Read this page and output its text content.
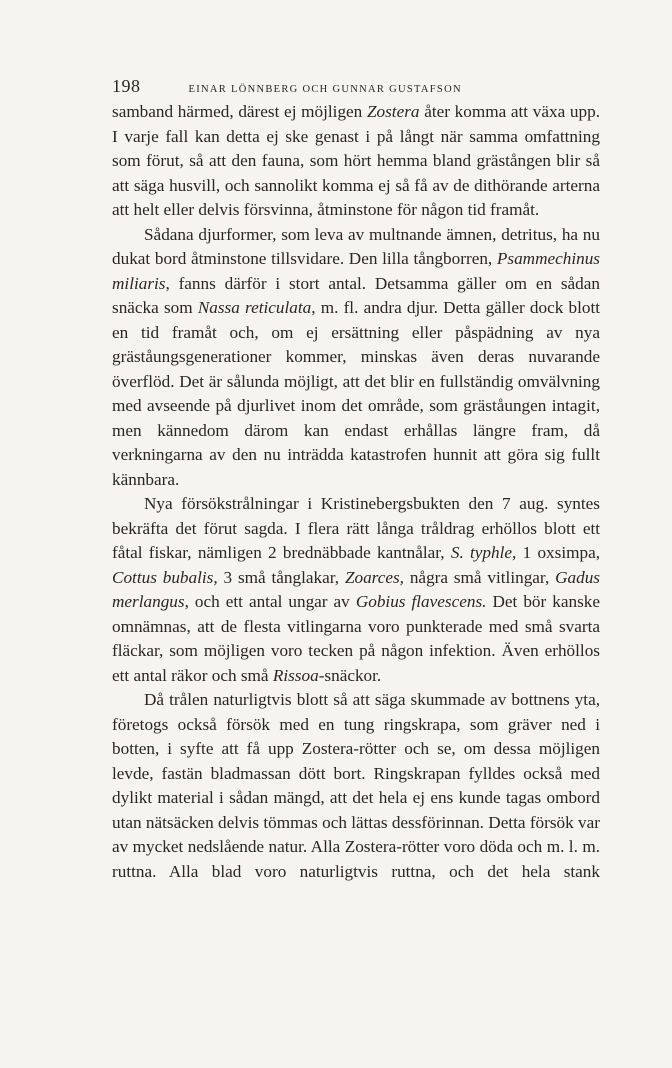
198	EINAR LÖNNBERG OCH GUNNAR GUSTAFSON

samband härmed, därest ej möjligen Zostera åter komma att växa upp. I varje fall kan detta ej ske genast i på långt när samma omfattning som förut, så att den fauna, som hört hemma bland grästången blir så att säga husvill, och sannolikt komma ej så få av de dithörande arterna att helt eller delvis försvinna, åtminstone för någon tid framåt.

Sådana djurformer, som leva av multnande ämnen, detritus, ha nu dukat bord åtminstone tillsvidare. Den lilla tångborren, Psammechinus miliaris, fanns därför i stort antal. Detsamma gäller om en sådan snäcka som Nassa reticulata, m. fl. andra djur. Detta gäller dock blott en tid framåt och, om ej ersättning eller påspädning av nya gräståungsgenerationer kommer, minskas även deras nuvarande överflöd. Det är sålunda möjligt, att det blir en fullständig omvälvning med avseende på djurlivet inom det område, som gräståungen intagit, men kännedom därom kan endast erhållas längre fram, då verkningarna av den nu inträdda katastrofen hunnit att göra sig fullt kännbara.

Nya försökstrålningar i Kristinebergsbukten den 7 aug. syntes bekräfta det förut sagda. I flera rätt långa tråldrag erhöllos blott ett fåtal fiskar, nämligen 2 brednäbbade kantnålar, S. typhle, 1 oxsimpa, Cottus bubalis, 3 små tånglakar, Zoarces, några små vitlingar, Gadus merlangus, och ett antal ungar av Gobius flavescens. Det bör kanske omnämnas, att de flesta vitlingarna voro punkterade med små svarta fläckar, som möjligen voro tecken på någon infektion. Även erhöllos ett antal räkor och små Rissoa-snäckor.

Då trålen naturligtvis blott så att säga skummade av bottnens yta, företogs också försök med en tung ringskrapa, som gräver ned i botten, i syfte att få upp Zostera-rötter och se, om dessa möjligen levde, fastän bladmassan dött bort. Ringskrapan fylldes också med dylikt material i sådan mängd, att det hela ej ens kunde tagas ombord utan nätsäcken delvis tömmas och lättas dessförinnan. Detta försök var av mycket nedslående natur. Alla Zostera-rötter voro döda och m. l. m. ruttna. Alla blad voro naturligtvis ruttna, och det hela stank
